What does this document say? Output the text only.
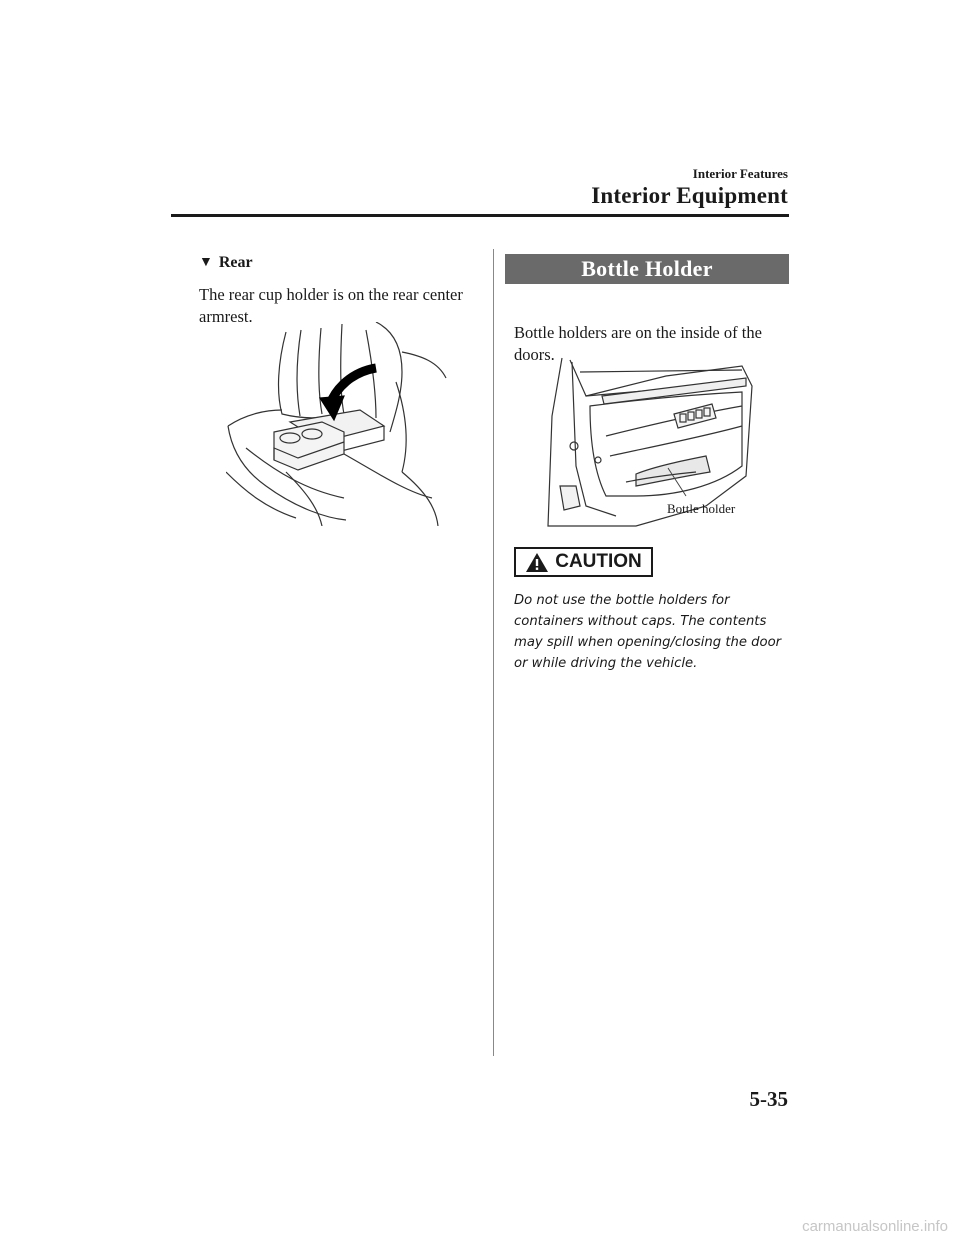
Interior Features
Interior Equipment
▼ Rear
The rear cup holder is on the rear center armrest.
Bottle Holder
Bottle holders are on the inside of the doors.
Bottle holder
CAUTION
Do not use the bottle holders for containers without caps. The contents may spill when opening/closing the door or while driving the vehicle.
5-35
carmanualsonline.info
